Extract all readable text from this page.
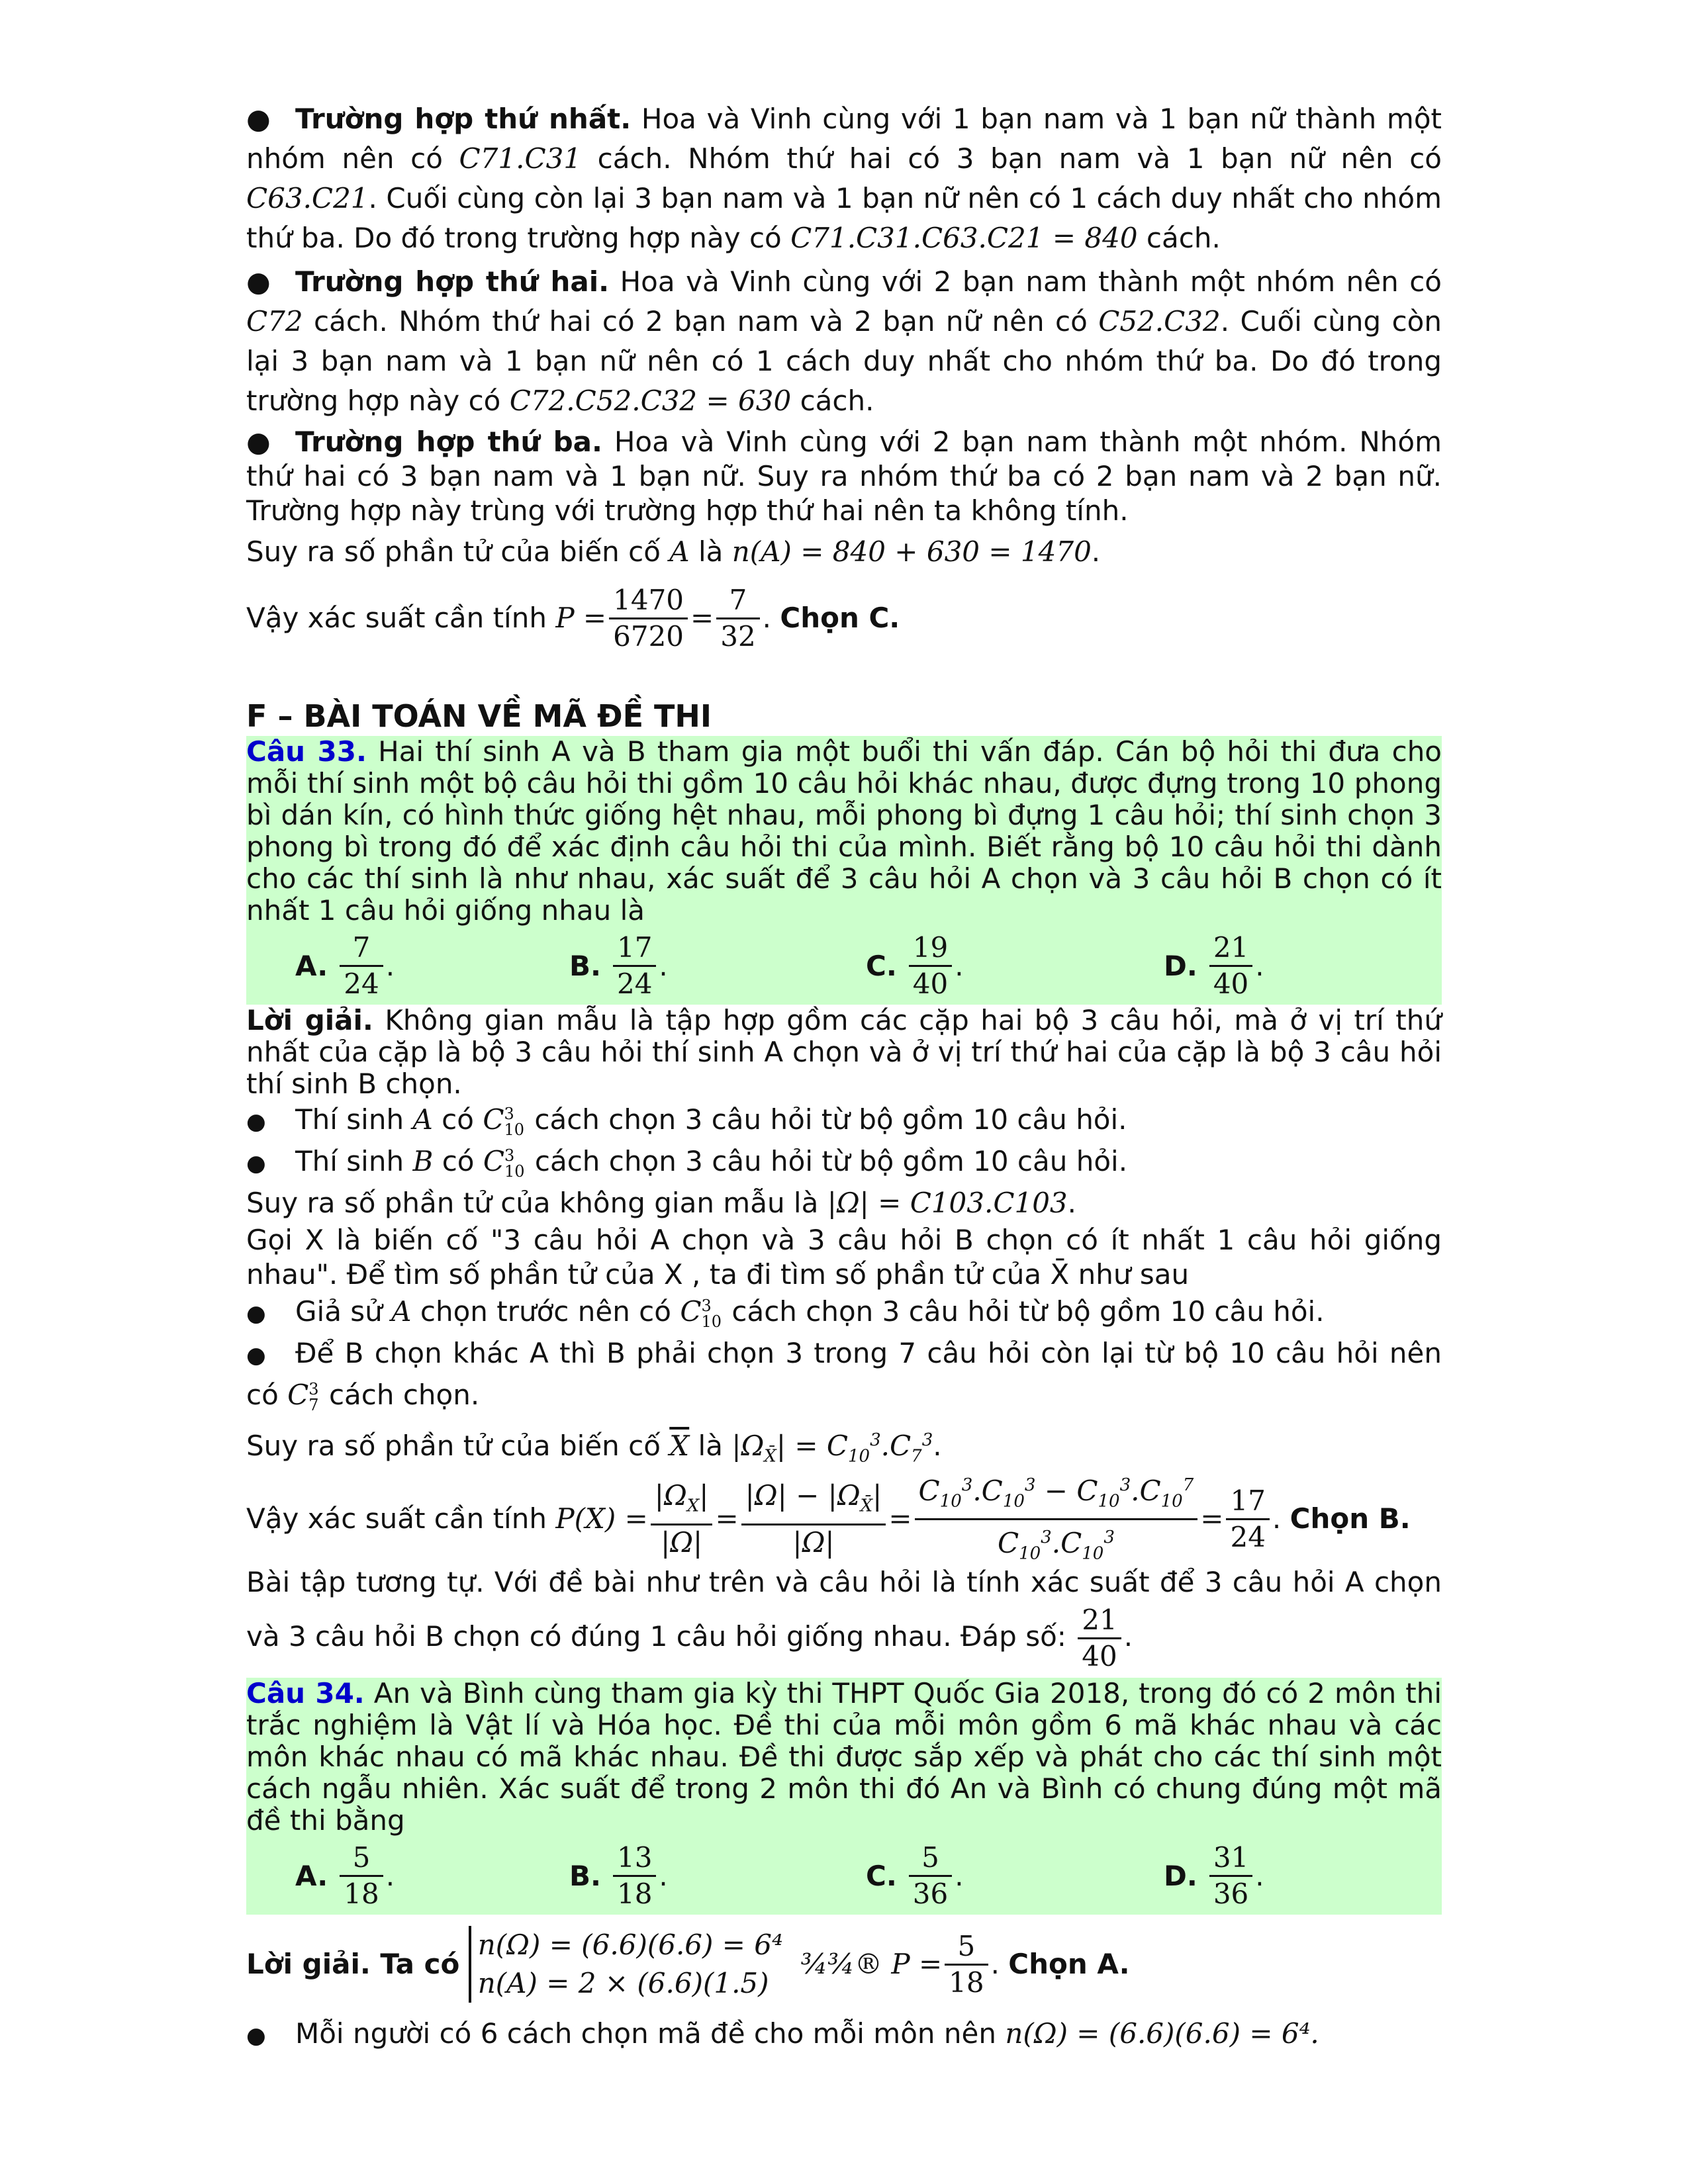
● Trường hợp thứ nhất. Hoa và Vinh cùng với 1 bạn nam và 1 bạn nữ thành một nhóm nên có C71.C31 cách. Nhóm thứ hai có 3 bạn nam và 1 bạn nữ nên có C63.C21. Cuối cùng còn lại 3 bạn nam và 1 bạn nữ nên có 1 cách duy nhất cho nhóm thứ ba. Do đó trong trường hợp này có C71.C31.C63.C21 = 840 cách.

● Trường hợp thứ hai. Hoa và Vinh cùng với 2 bạn nam thành một nhóm nên có C72 cách. Nhóm thứ hai có 2 bạn nam và 2 bạn nữ nên có C52.C32. Cuối cùng còn lại 3 bạn nam và 1 bạn nữ nên có 1 cách duy nhất cho nhóm thứ ba. Do đó trong trường hợp này có C72.C52.C32 = 630 cách.

● Trường hợp thứ ba. Hoa và Vinh cùng với 2 bạn nam thành một nhóm. Nhóm thứ hai có 3 bạn nam và 1 bạn nữ. Suy ra nhóm thứ ba có 2 bạn nam và 2 bạn nữ. Trường hợp này trùng với trường hợp thứ hai nên ta không tính.

Suy ra số phần tử của biến cố A là n(A) = 840 + 630 = 1470.

Vậy xác suất cần tính
$P = \frac{1470}{6720} = \frac{7}{32}$ . Chọn C.

F – BÀI TOÁN VỀ MÃ ĐỀ THI

Câu 33. Hai thí sinh A và B tham gia một buổi thi vấn đáp. Cán bộ hỏi thi đưa cho mỗi thí sinh một bộ câu hỏi thi gồm 10 câu hỏi khác nhau, được đựng trong 10 phong bì dán kín, có hình thức giống hệt nhau, mỗi phong bì đựng 1 câu hỏi; thí sinh chọn 3 phong bì trong đó để xác định câu hỏi thi của mình. Biết rằng bộ 10 câu hỏi thi dành cho các thí sinh là như nhau, xác suất để 3 câu hỏi A chọn và 3 câu hỏi B chọn có ít nhất 1 câu hỏi giống nhau là

A. $\frac{7}{24}$ .	B. $\frac{17}{24}$ .	C. $\frac{19}{40}$ .	D. $\frac{21}{40}$ .

Lời giải. Không gian mẫu là tập hợp gồm các cặp hai bộ 3 câu hỏi, mà ở vị trí thứ nhất của cặp là bộ 3 câu hỏi thí sinh A chọn và ở vị trí thứ hai của cặp là bộ 3 câu hỏi thí sinh B chọn.

● Thí sinh A có C 3
10 cách chọn 3 câu hỏi từ bộ gồm 10 câu hỏi.

● Thí sinh B có C 3
10 cách chọn 3 câu hỏi từ bộ gồm 10 câu hỏi.

Suy ra số phần tử của không gian mẫu là |Ω| = C103.C103.

Gọi X là biến cố "3 câu hỏi A chọn và 3 câu hỏi B chọn có ít nhất 1 câu hỏi giống nhau". Để tìm số phần tử của X , ta đi tìm số phần tử của X̄ như sau

● Giả sử A chọn trước nên có C 3
10 cách chọn 3 câu hỏi từ bộ gồm 10 câu hỏi.

● Để B chọn khác A thì B phải chọn 3 trong 7 câu hỏi còn lại từ bộ 10 câu hỏi nên có C 3
7 cách chọn.

Suy ra số phần tử của biến cố $\overline{X}$ là $|\Omega_{X̄}| = C_{10}^3.C_7^3$.

Vậy xác suất cần tính
$P(X) = \frac{|\Omega_X|}{|\Omega|} = \frac{|\Omega| - |\Omega_{X̄}|}{|\Omega|} = \frac{C_{10}^3.C_{10}^3 - C_{10}^3.C_{10}^7}{C_{10}^3.C_{10}^3} = \frac{17}{24}$ . Chọn B.

Bài tập tương tự. Với đề bài như trên và câu hỏi là tính xác suất để 3 câu hỏi A chọn và 3 câu hỏi B chọn có đúng 1 câu hỏi giống nhau. Đáp số: $\frac{21}{40}$ .

Câu 34. An và Bình cùng tham gia kỳ thi THPT Quốc Gia 2018, trong đó có 2 môn thi trắc nghiệm là Vật lí và Hóa học. Đề thi của mỗi môn gồm 6 mã khác nhau và các môn khác nhau có mã khác nhau. Đề thi được sắp xếp và phát cho các thí sinh một cách ngẫu nhiên. Xác suất để trong 2 môn thi đó An và Bình có chung đúng một mã đề thi bằng

A. $\frac{5}{18}$ .	B. $\frac{13}{18}$ .	C. $\frac{5}{36}$ .	D. $\frac{31}{36}$ .
Lời giải. Ta có

n(Ω) = (6.6)(6.6) = 6⁴
n(A) = 2 × (6.6)(1.5)

¾¾® $P = \frac{5}{18}$ . Chọn A.

● Mỗi người có 6 cách chọn mã đề cho mỗi môn nên n(Ω) = (6.6)(6.6) = 6⁴.
